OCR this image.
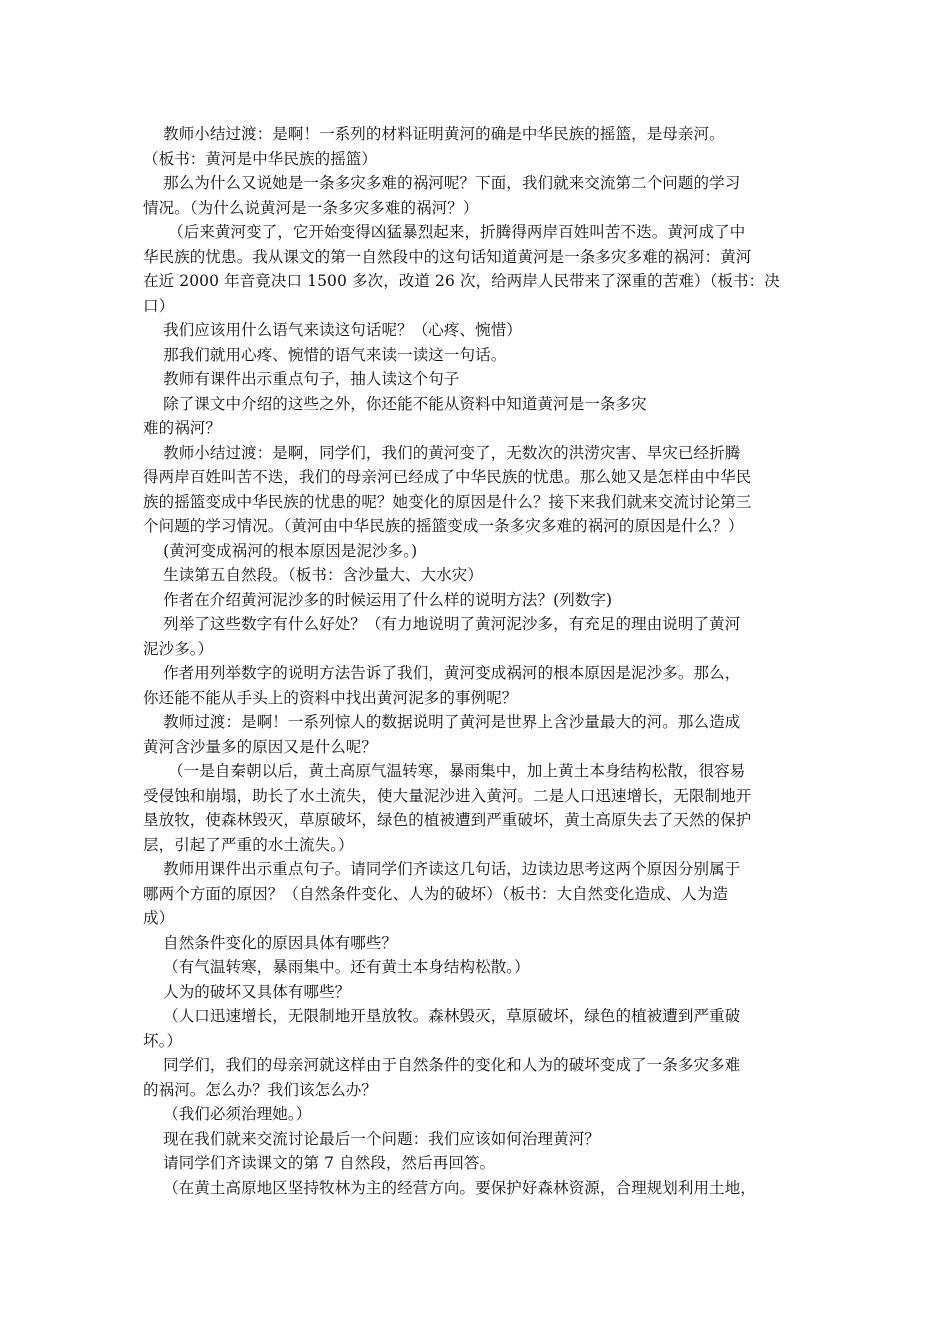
教师小结过渡：是啊！一系列的材料证明黄河的确是中华民族的摇篮，是母亲河。
（板书：黄河是中华民族的摇篮）
那么为什么又说她是一条多灾多难的祸河呢？下面，我们就来交流第二个问题的学习
情况。（为什么说黄河是一条多灾多难的祸河？）
（后来黄河变了，它开始变得凶猛暴烈起来，折腾得两岸百姓叫苦不迭。黄河成了中
华民族的忧患。我从课文的第一自然段中的这句话知道黄河是一条多灾多难的祸河：黄河
在近 2000 年音竟决口 1500 多次，改道 26 次，给两岸人民带来了深重的苦难）（板书：决
口）
我们应该用什么语气来读这句话呢？（心疼、惋惜）
那我们就用心疼、惋惜的语气来读一读这一句话。
教师有课件出示重点句子，抽人读这个句子
除了课文中介绍的这些之外，你还能不能从资料中知道黄河是一条多灾
难的祸河？
教师小结过渡：是啊，同学们，我们的黄河变了，无数次的洪涝灾害、旱灾已经折腾
得两岸百姓叫苦不迭，我们的母亲河已经成了中华民族的忧患。那么她又是怎样由中华民
族的摇篮变成中华民族的忧患的呢？她变化的原因是什么？接下来我们就来交流讨论第三
个问题的学习情况。（黄河由中华民族的摇篮变成一条多灾多难的祸河的原因是什么？）
(黄河变成祸河的根本原因是泥沙多。)
生读第五自然段。（板书：含沙量大、大水灾）
作者在介绍黄河泥沙多的时候运用了什么样的说明方法？(列数字)
列举了这些数字有什么好处？（有力地说明了黄河泥沙多，有充足的理由说明了黄河
泥沙多。）
作者用列举数字的说明方法告诉了我们，黄河变成祸河的根本原因是泥沙多。那么，
你还能不能从手头上的资料中找出黄河泥多的事例呢？
教师过渡：是啊！一系列惊人的数据说明了黄河是世界上含沙量最大的河。那么造成
黄河含沙量多的原因又是什么呢？
（一是自秦朝以后，黄土高原气温转寒，暴雨集中，加上黄土本身结构松散，很容易
受侵蚀和崩塌，助长了水土流失，使大量泥沙进入黄河。二是人口迅速增长，无限制地开
垦放牧，使森林毁灭，草原破坏，绿色的植被遭到严重破坏，黄土高原失去了天然的保护
层，引起了严重的水土流失。）
教师用课件出示重点句子。请同学们齐读这几句话，边读边思考这两个原因分别属于
哪两个方面的原因？（自然条件变化、人为的破坏）（板书：大自然变化造成、人为造
成）
自然条件变化的原因具体有哪些？
（有气温转寒，暴雨集中。还有黄土本身结构松散。）
人为的破坏又具体有哪些？
（人口迅速增长，无限制地开垦放牧。森林毁灭，草原破坏，绿色的植被遭到严重破
坏。）
同学们，我们的母亲河就这样由于自然条件的变化和人为的破坏变成了一条多灾多难
的祸河。怎么办？我们该怎么办？
（我们必须治理她。）
现在我们就来交流讨论最后一个问题：我们应该如何治理黄河？
请同学们齐读课文的第 7 自然段，然后再回答。
（在黄土高原地区坚持牧林为主的经营方向。要保护好森林资源，合理规划利用土地，
